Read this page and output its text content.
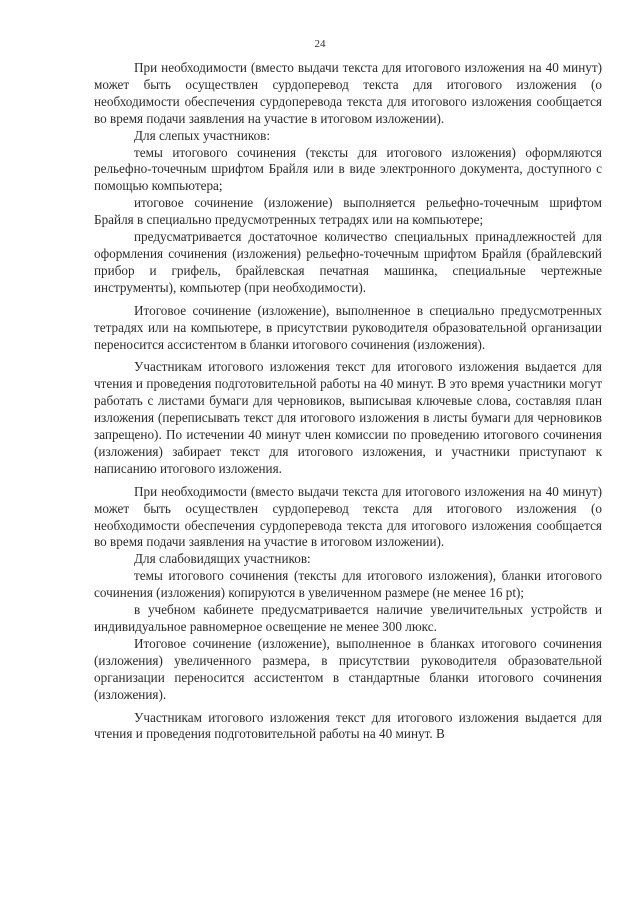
24

При необходимости (вместо выдачи текста для итогового изложения на 40 минут) может быть осуществлен сурдоперевод текста для итогового изложения (о необходимости обеспечения сурдоперевода текста для итогового изложения сообщается во время подачи заявления на участие в итоговом изложении).

Для слепых участников:

темы итогового сочинения (тексты для итогового изложения) оформляются рельефно-точечным шрифтом Брайля или в виде электронного документа, доступного с помощью компьютера;

итоговое сочинение (изложение) выполняется рельефно-точечным шрифтом Брайля в специально предусмотренных тетрадях или на компьютере;

предусматривается достаточное количество специальных принадлежностей для оформления сочинения (изложения) рельефно-точечным шрифтом Брайля (брайлевский прибор и грифель, брайлевская печатная машинка, специальные чертежные инструменты), компьютер (при необходимости).

Итоговое сочинение (изложение), выполненное в специально предусмотренных тетрадях или на компьютере, в присутствии руководителя образовательной организации переносится ассистентом в бланки итогового сочинения (изложения).

Участникам итогового изложения текст для итогового изложения выдается для чтения и проведения подготовительной работы на 40 минут. В это время участники могут работать с листами бумаги для черновиков, выписывая ключевые слова, составляя план изложения (переписывать текст для итогового изложения в листы бумаги для черновиков запрещено). По истечении 40 минут член комиссии по проведению итогового сочинения (изложения) забирает текст для итогового изложения, и участники приступают к написанию итогового изложения.

При необходимости (вместо выдачи текста для итогового изложения на 40 минут) может быть осуществлен сурдоперевод текста для итогового изложения (о необходимости обеспечения сурдоперевода текста для итогового изложения сообщается во время подачи заявления на участие в итоговом изложении).

Для слабовидящих участников:

темы итогового сочинения (тексты для итогового изложения), бланки итогового сочинения (изложения) копируются в увеличенном размере (не менее 16 pt);

в учебном кабинете предусматривается наличие увеличительных устройств и индивидуальное равномерное освещение не менее 300 люкс.

Итоговое сочинение (изложение), выполненное в бланках итогового сочинения (изложения) увеличенного размера, в присутствии руководителя образовательной организации переносится ассистентом в стандартные бланки итогового сочинения (изложения).

Участникам итогового изложения текст для итогового изложения выдается для чтения и проведения подготовительной работы на 40 минут. В
